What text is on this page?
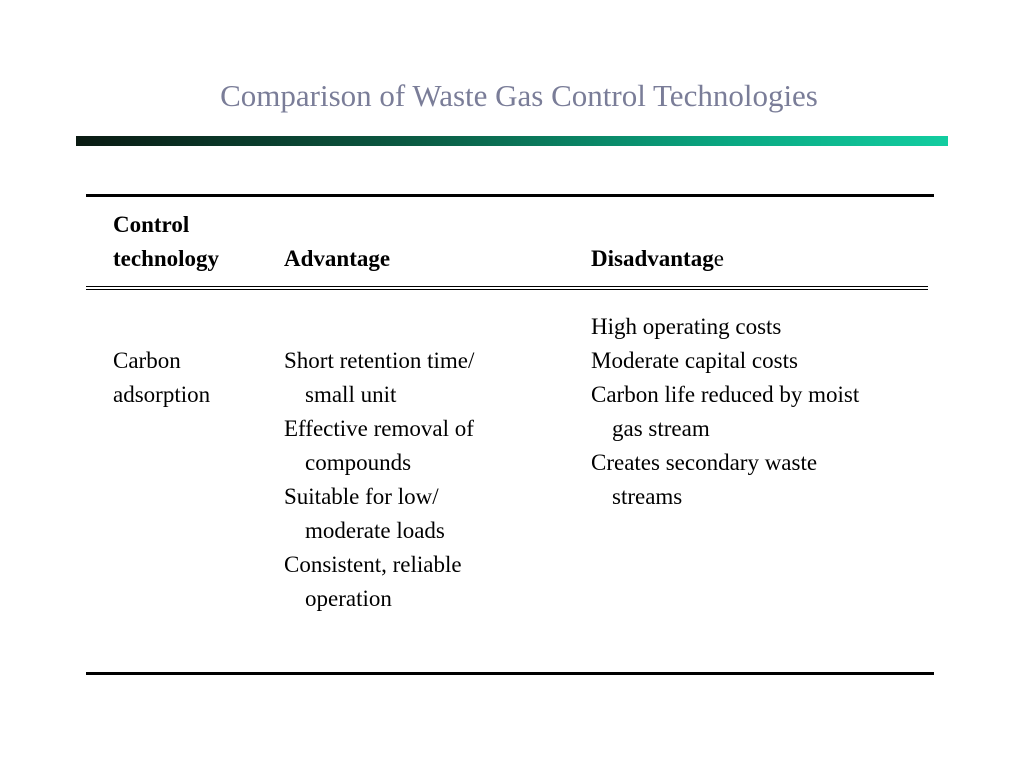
Comparison of Waste Gas Control Technologies
Control
technology
	Advantage
	Disadvantage

Carbon
adsorption

Short retention time/
small unit
Effective removal of
compounds
Suitable for low/
moderate loads
Consistent, reliable
operation
High operating costs
Moderate capital costs
Carbon life reduced by moist
gas stream
Creates secondary waste
streams
